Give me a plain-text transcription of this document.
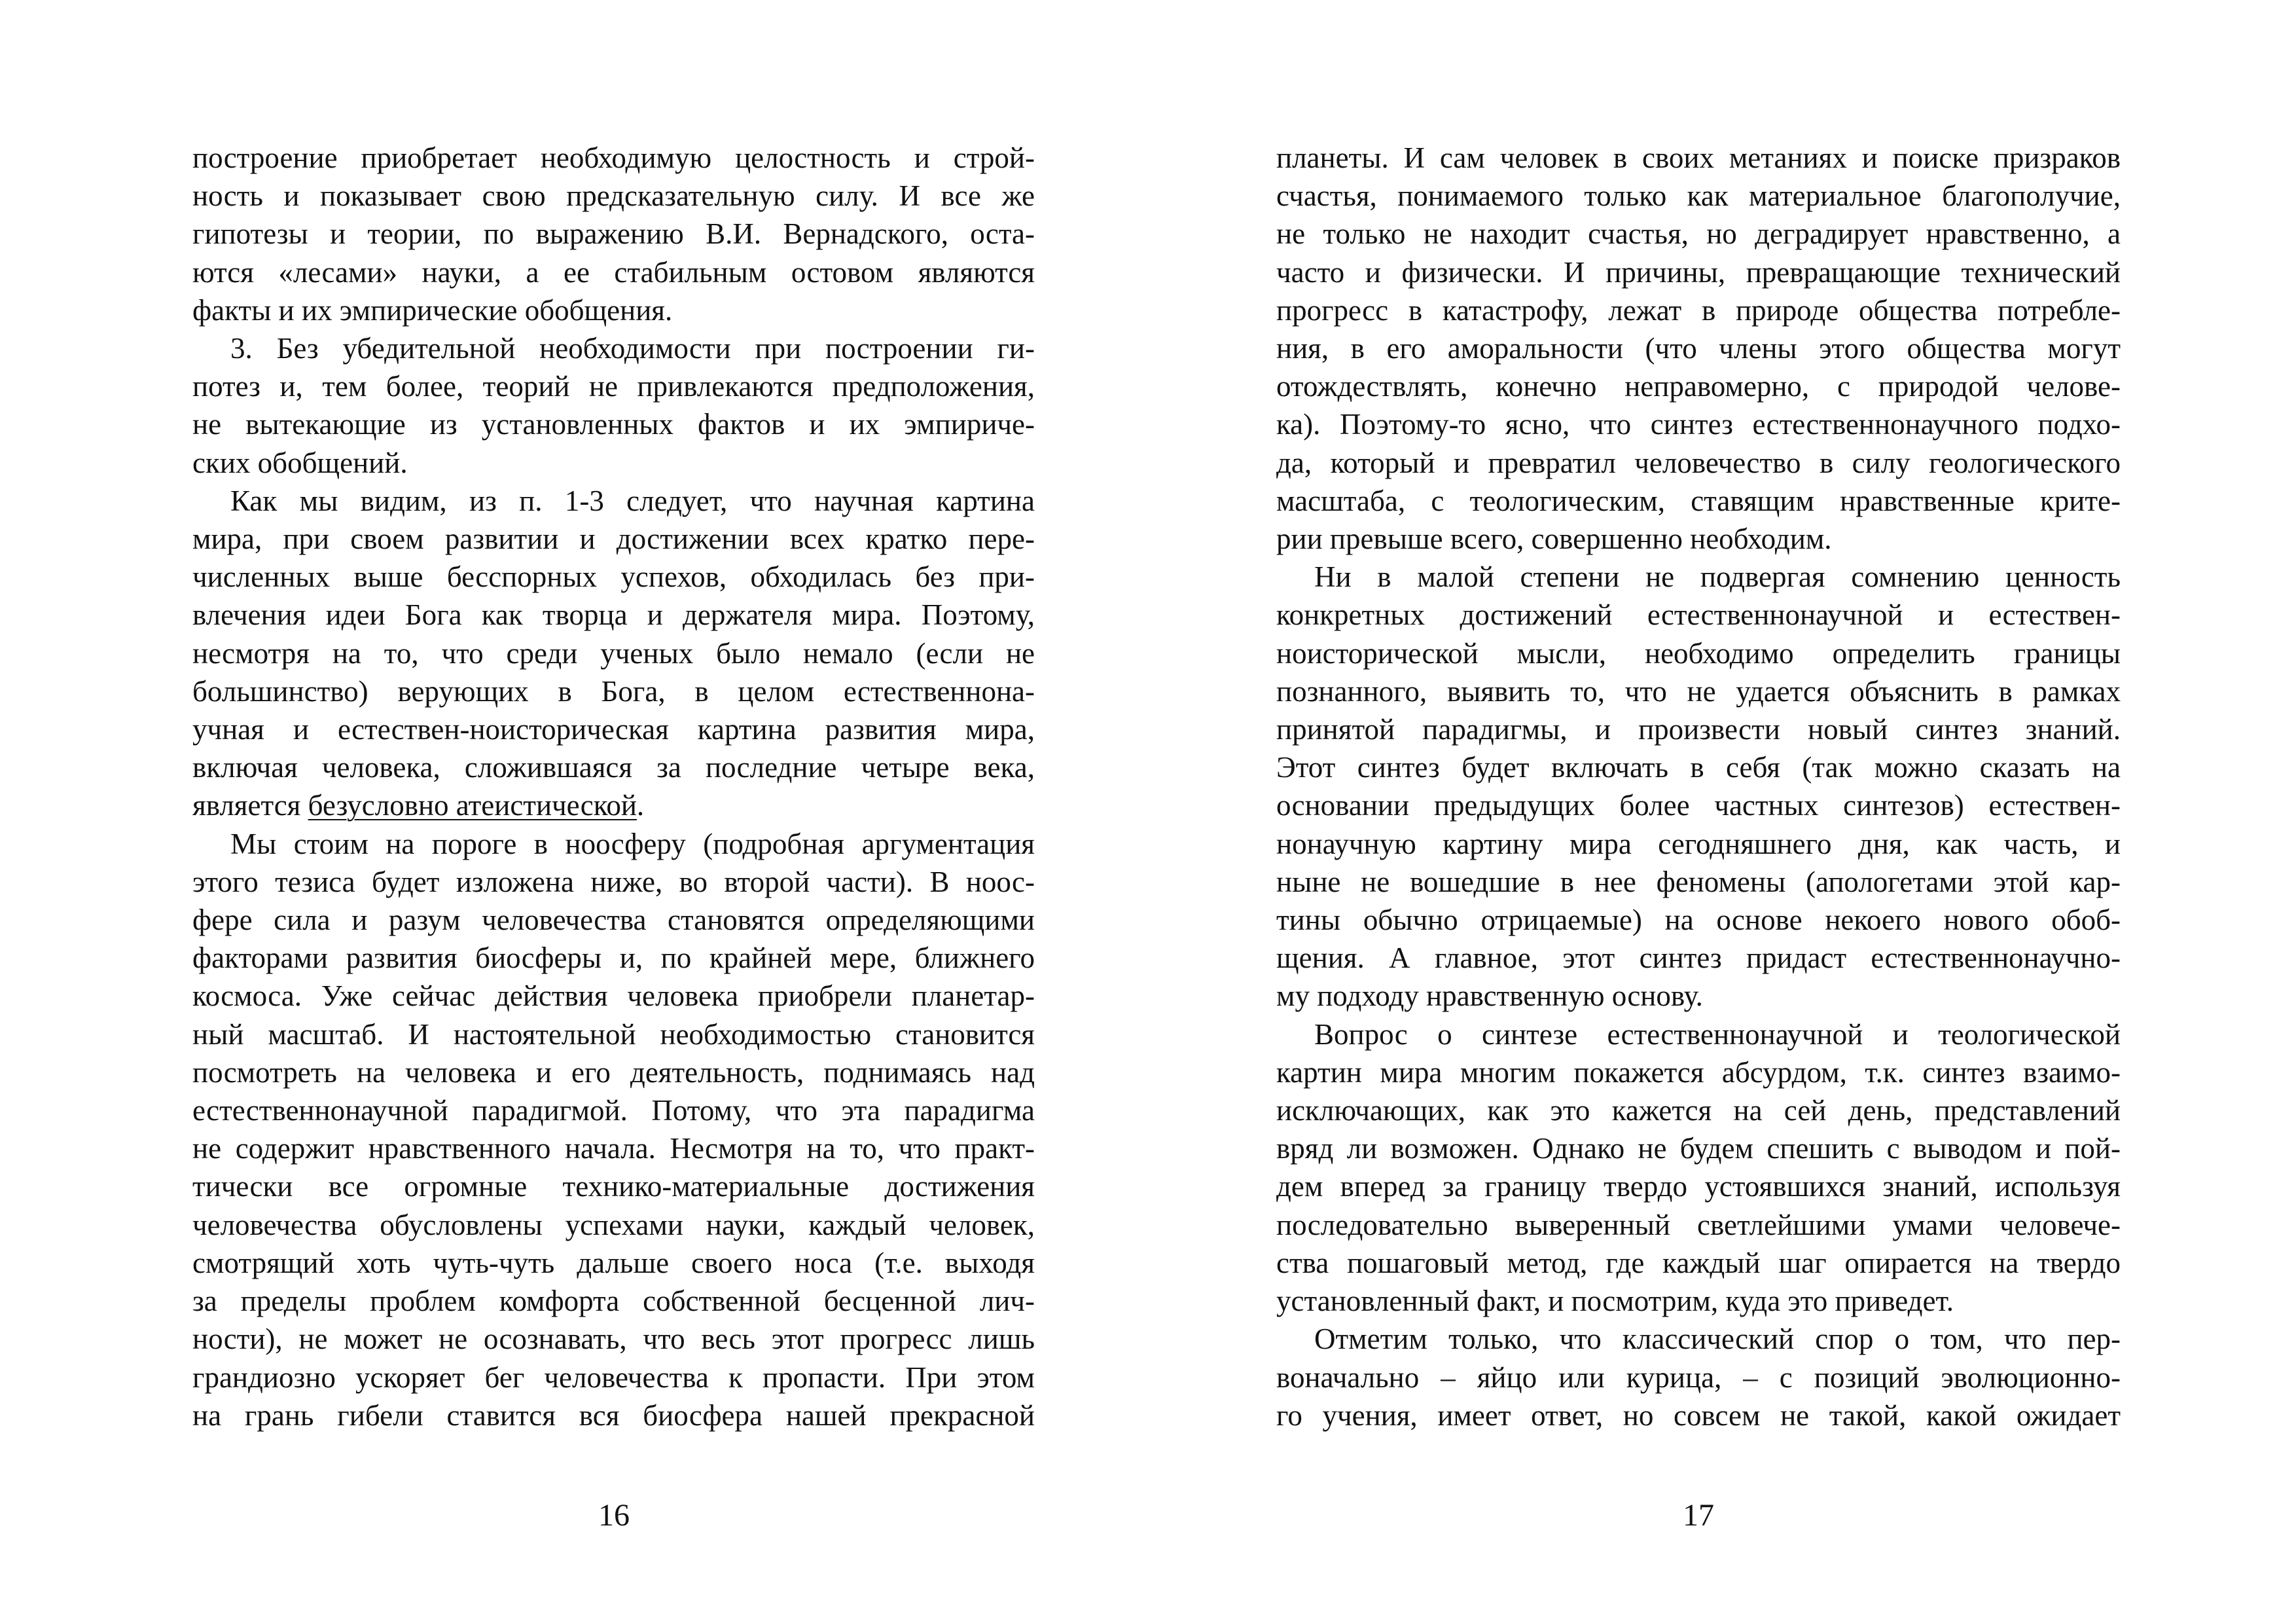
построение приобретает необходимую целостность и строй-
ность и показывает свою предсказательную силу. И все же
гипотезы и теории, по выражению В.И. Вернадского, оста-
ются «лесами» науки, а ее стабильным остовом являются
факты и их эмпирические обобщения.
3. Без убедительной необходимости при построении ги-
потез и, тем более, теорий не привлекаются предположения,
не вытекающие из установленных фактов и их эмпириче-
ских обобщений.
Как мы видим, из п. 1-3 следует, что научная картина
мира, при своем развитии и достижении всех кратко пере-
численных выше бесспорных успехов, обходилась без при-
влечения идеи Бога как творца и держателя мира. Поэтому,
несмотря на то, что среди ученых было немало (если не
большинство) верующих в Бога, в целом естественнона-
учная и естествен-ноисторическая картина развития мира,
включая человека, сложившаяся за последние четыре века,
является безусловно атеистической.
Мы стоим на пороге в ноосферу (подробная аргументация
этого тезиса будет изложена ниже, во второй части). В ноос-
фере сила и разум человечества становятся определяющими
факторами развития биосферы и, по крайней мере, ближнего
космоса. Уже сейчас действия человека приобрели планетар-
ный масштаб. И настоятельной необходимостью становится
посмотреть на человека и его деятельность, поднимаясь над
естественнонаучной парадигмой. Потому, что эта парадигма
не содержит нравственного начала. Несмотря на то, что практ-
тически все огромные технико-материальные достижения
человечества обусловлены успехами науки, каждый человек,
смотрящий хоть чуть-чуть дальше своего носа (т.е. выходя
за пределы проблем комфорта собственной бесценной лич-
ности), не может не осознавать, что весь этот прогресс лишь
грандиозно ускоряет бег человечества к пропасти. При этом
на грань гибели ставится вся биосфера нашей прекрасной
16
планеты. И сам человек в своих метаниях и поиске призраков
счастья, понимаемого только как материальное благополучие,
не только не находит счастья, но деградирует нравственно, а
часто и физически. И причины, превращающие технический
прогресс в катастрофу, лежат в природе общества потребле-
ния, в его аморальности (что члены этого общества могут
отождествлять, конечно неправомерно, с природой челове-
ка). Поэтому-то ясно, что синтез естественнонаучного подхо-
да, который и превратил человечество в силу геологического
масштаба, с теологическим, ставящим нравственные крите-
рии превыше всего, совершенно необходим.
Ни в малой степени не подвергая сомнению ценность
конкретных достижений естественнонаучной и естествен-
ноисторической мысли, необходимо определить границы
познанного, выявить то, что не удается объяснить в рамках
принятой парадигмы, и произвести новый синтез знаний.
Этот синтез будет включать в себя (так можно сказать на
основании предыдущих более частных синтезов) естествен-
нонаучную картину мира сегодняшнего дня, как часть, и
ныне не вошедшие в нее феномены (апологетами этой кар-
тины обычно отрицаемые) на основе некоего нового обоб-
щения. А главное, этот синтез придаст естественнонаучно-
му подходу нравственную основу.
Вопрос о синтезе естественнонаучной и теологической
картин мира многим покажется абсурдом, т.к. синтез взаимо-
исключающих, как это кажется на сей день, представлений
вряд ли возможен. Однако не будем спешить с выводом и пой-
дем вперед за границу твердо устоявшихся знаний, используя
последовательно выверенный светлейшими умами человече-
ства пошаговый метод, где каждый шаг опирается на твердо
установленный факт, и посмотрим, куда это приведет.
Отметим только, что классический спор о том, что пер-
воначально – яйцо или курица, – с позиций эволюционно-
го учения, имеет ответ, но совсем не такой, какой ожидает
17
